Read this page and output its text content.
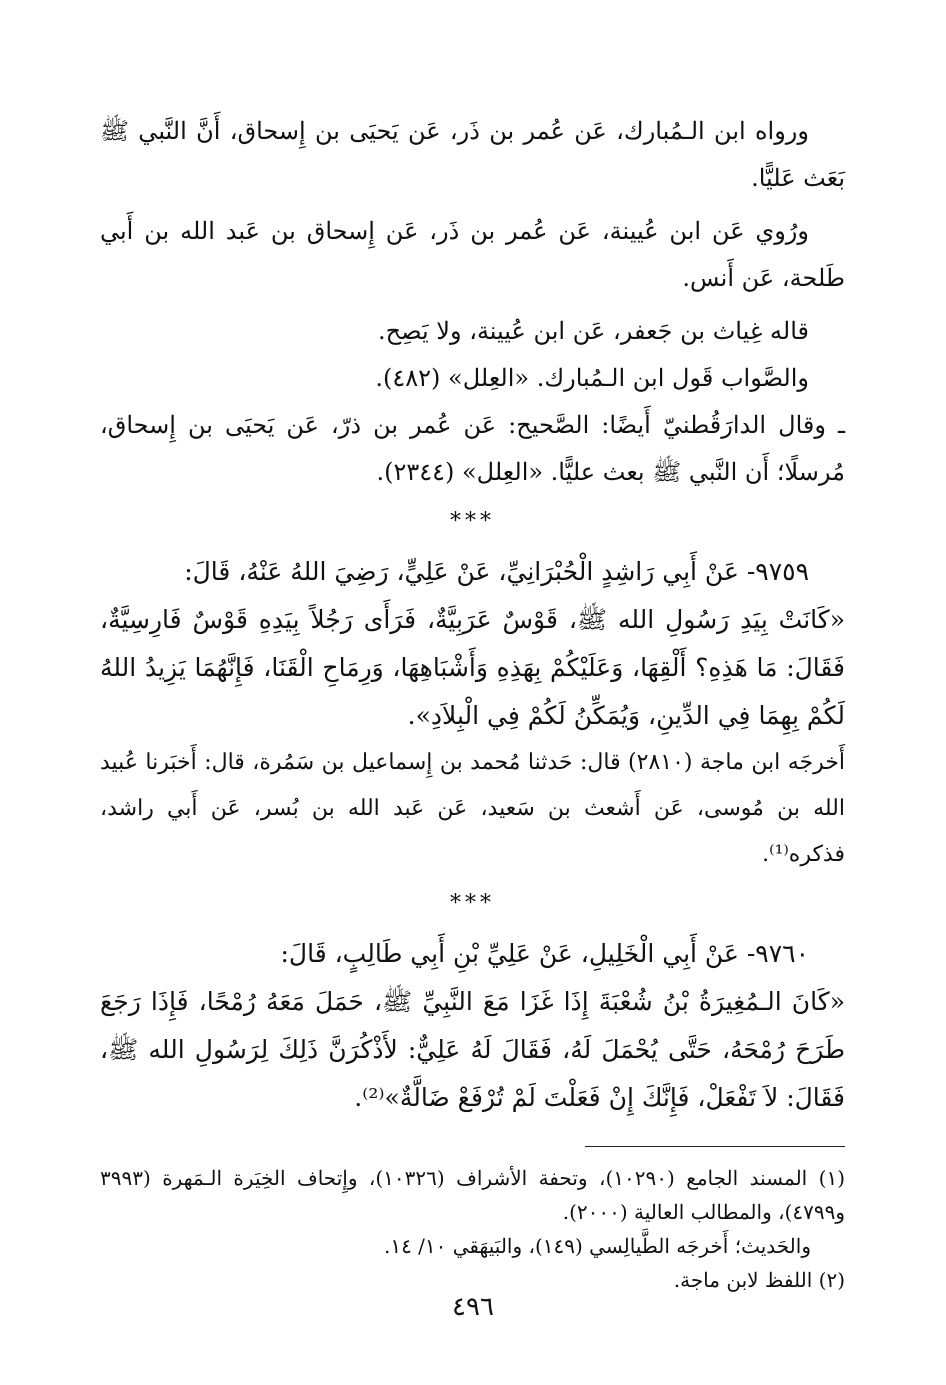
ورواه ابن الـمُبارك، عَن عُمر بن ذَر، عَن يَحيَى بن إِسحاق، أَنَّ النَّبي ﷺ بَعَث عَليًّا.

ورُوي عَن ابن عُيينة، عَن عُمر بن ذَر، عَن إِسحاق بن عَبد الله بن أَبي طَلحة، عَن أَنس.

قاله غِياث بن جَعفر، عَن ابن عُيينة، ولا يَصِح.

والصَّواب قَول ابن الـمُبارك. «العِلل» (٤٨٢).

ـ وقال الدارَقُطنيّ أَيضًا: الصَّحيح: عَن عُمر بن ذرّ، عَن يَحيَى بن إِسحاق، مُرسلًا؛ أَن النَّبي ﷺ بعث عليًّا. «العِلل» (٢٣٤٤).

***

٩٧٥٩- عَنْ أَبِي رَاشِدٍ الْحُبْرَانِيِّ، عَنْ عَلِيٍّ، رَضِيَ اللهُ عَنْهُ، قَالَ:

«كَانَتْ بِيَدِ رَسُولِ الله ﷺ، قَوْسٌ عَرَبِيَّةٌ، فَرَأَى رَجُلاً بِيَدِهِ قَوْسٌ فَارِسِيَّةٌ، فَقَالَ: مَا هَذِهِ؟ أَلْقِهَا، وَعَلَيْكُمْ بِهَذِهِ وَأَشْبَاهِهَا، وَرِمَاحِ الْقَنَا، فَإِنَّهُمَا يَزِيدُ اللهُ لَكُمْ بِهِمَا فِي الدِّينِ، وَيُمَكِّنُ لَكُمْ فِي الْبِلاَدِ».

أَخرجَه ابن ماجة (٢٨١٠) قال: حَدثنا مُحمد بن إِسماعيل بن سَمُرة، قال: أَخبَرنا عُبيد الله بن مُوسى، عَن أَشعث بن سَعيد، عَن عَبد الله بن بُسر، عَن أَبي راشد، فذكره⁽¹⁾.

***

٩٧٦٠- عَنْ أَبِي الْخَلِيلِ، عَنْ عَلِيِّ بْنِ أَبِي طَالِبٍ، قَالَ:

«كَانَ الـمُغِيرَةُ بْنُ شُعْبَةَ إِذَا غَزَا مَعَ النَّبِيِّ ﷺ، حَمَلَ مَعَهُ رُمْحًا، فَإِذَا رَجَعَ طَرَحَ رُمْحَهُ، حَتَّى يُحْمَلَ لَهُ، فَقَالَ لَهُ عَلِيٌّ: لأَذْكُرَنَّ ذَلِكَ لِرَسُولِ الله ﷺ، فَقَالَ: لاَ تَفْعَلْ، فَإِنَّكَ إِنْ فَعَلْتَ لَمْ تُرْفَعْ ضَالَّةٌ»⁽²⁾.

(١) المسند الجامع (١٠٢٩٠)، وتحفة الأشراف (١٠٣٢٦)، وإِتحاف الخِيَرة الـمَهرة (٣٩٩٣ و٤٧٩٩)، والمطالب العالية (٢٠٠٠).

والحَديث؛ أَخرجَه الطَّيالِسي (١٤٩)، والبَيهَقي ١٠/ ١٤.

(٢) اللفظ لابن ماجة.

٤٩٦
